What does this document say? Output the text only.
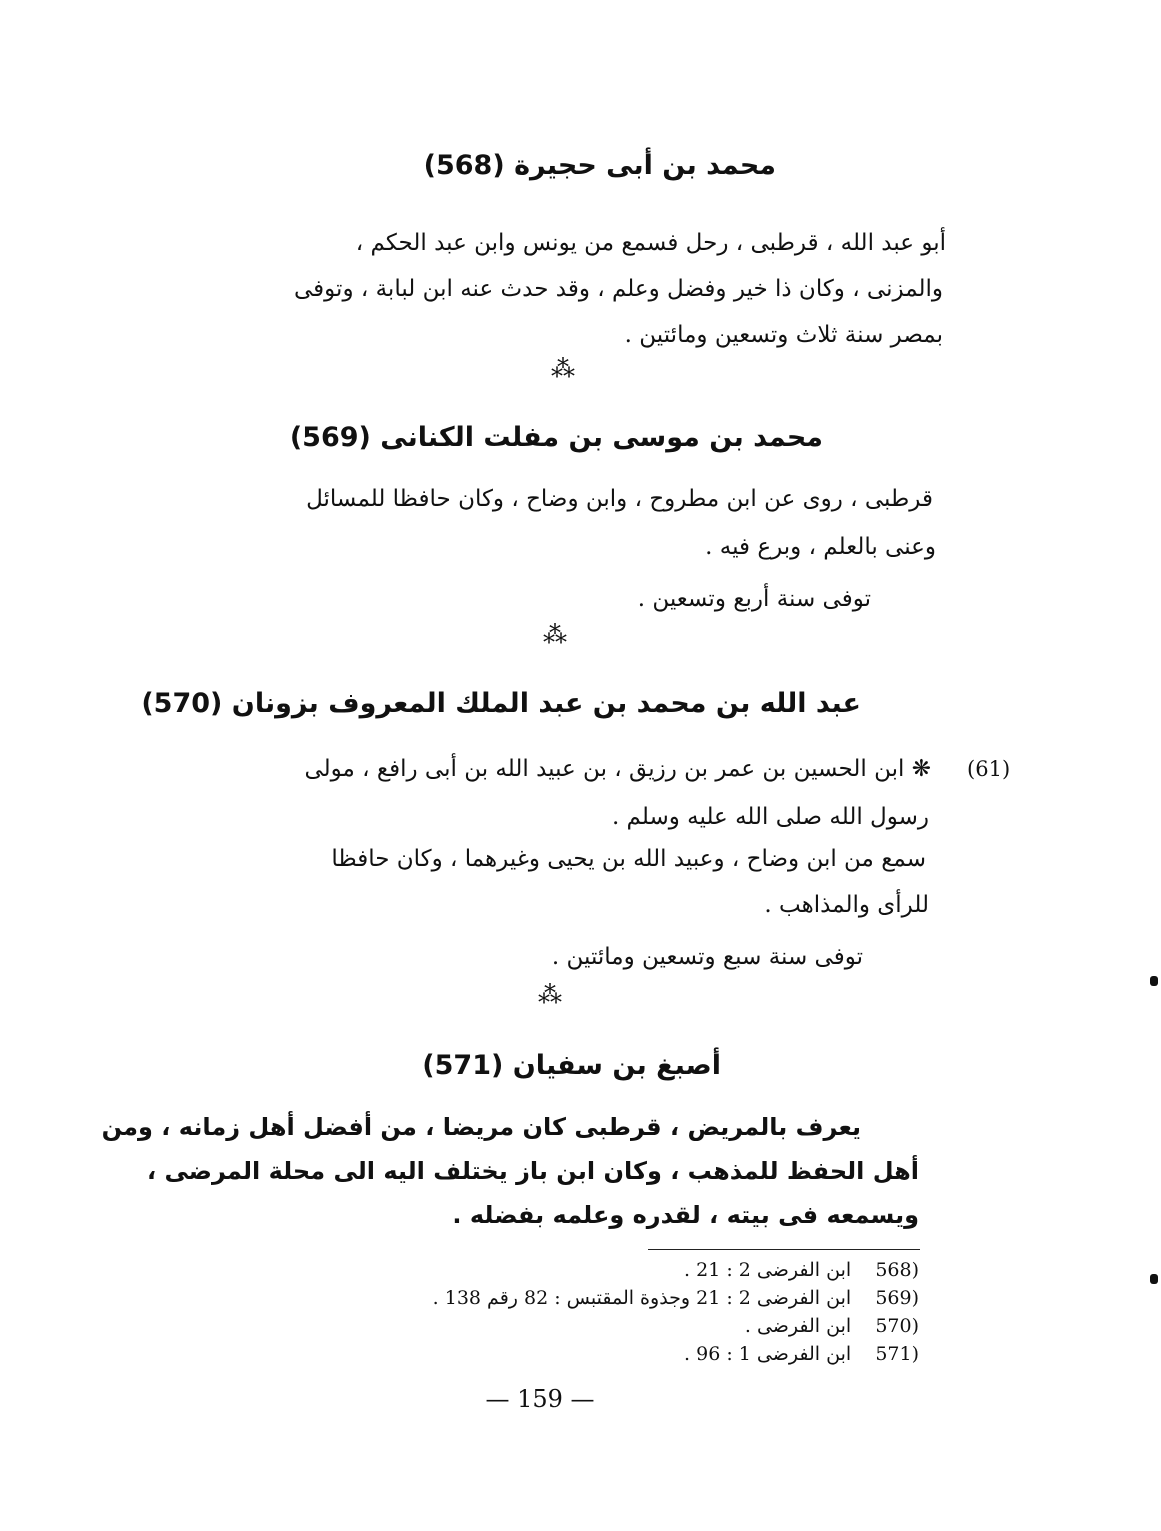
محمد بن أبى حجيرة (568)
أبو عبد الله ، قرطبى ، رحل فسمع من يونس وابن عبد الحكم ،
والمزنى ، وكان ذا خير وفضل وعلم ، وقد حدث عنه ابن لبابة ، وتوفى
بمصر سنة ثلاث وتسعين ومائتين .
⁂
محمد بن موسى بن مفلت الكنانى (569)
قرطبى ، روى عن ابن مطروح ، وابن وضاح ، وكان حافظا للمسائل
وعنى بالعلم ، وبرع فيه .
توفى سنة أربع وتسعين .
⁂
عبد الله بن محمد بن عبد الملك المعروف بزونان (570)
(61)
❋ ابن الحسين بن عمر بن رزيق ، بن عبيد الله بن أبى رافع ، مولى
رسول الله صلى الله عليه وسلم .
سمع من ابن وضاح ، وعبيد الله بن يحيى وغيرهما ، وكان حافظا
للرأى والمذاهب .
توفى سنة سبع وتسعين ومائتين .
⁂
أصبغ بن سفيان (571)
يعرف بالمريض ، قرطبى كان مريضا ، من أفضل أهل زمانه ، ومن
أهل الحفظ للمذهب ، وكان ابن باز يختلف اليه الى محلة المرضى ،
ويسمعه فى بيته ، لقدره وعلمه بفضله .
(568    ابن الفرضى 2 : 21 .
(569    ابن الفرضى 2 : 21 وجذوة المقتبس : 82 رقم 138 .
(570    ابن الفرضى .
(571    ابن الفرضى 1 : 96 .
— 159 —
